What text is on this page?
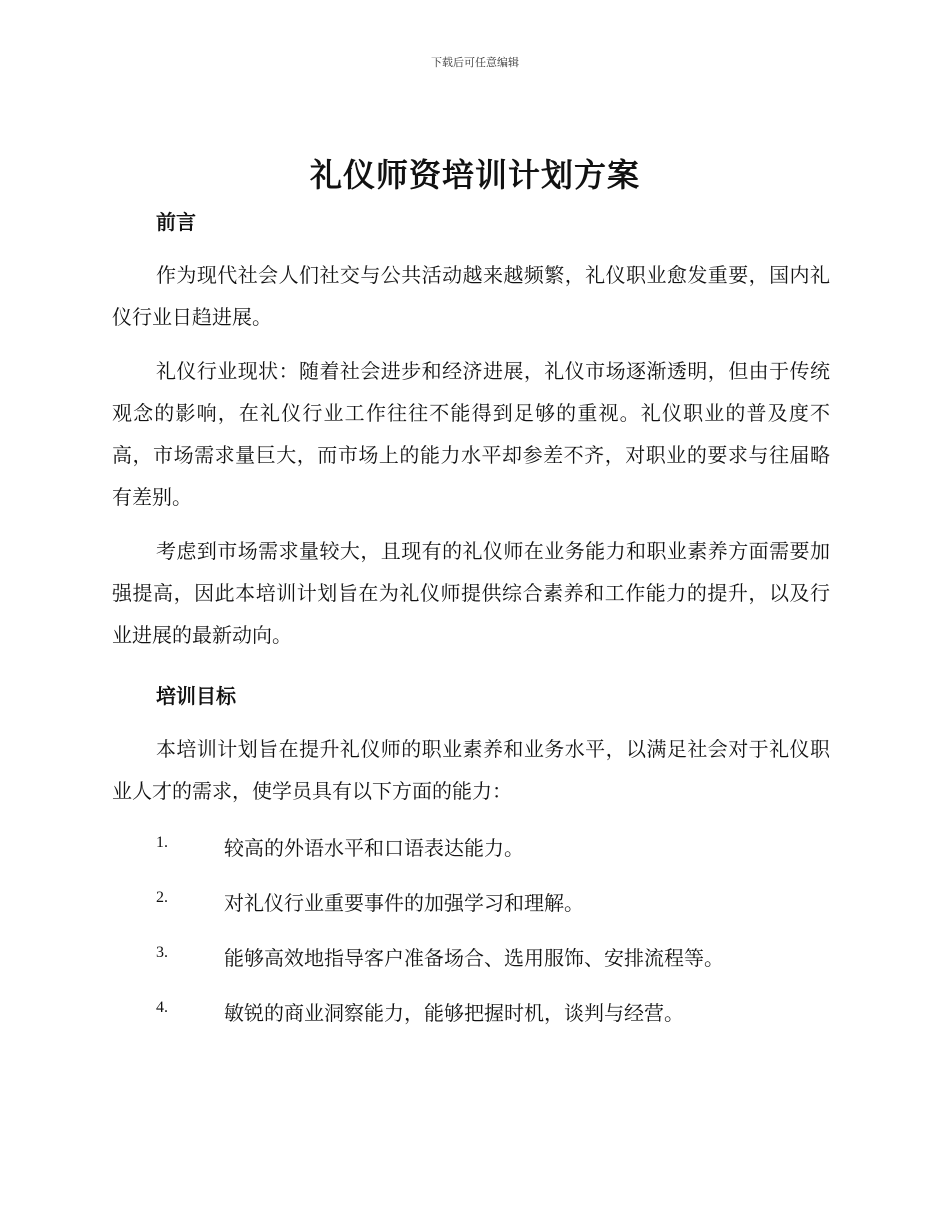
下载后可任意编辑
礼仪师资培训计划方案
前言

作为现代社会人们社交与公共活动越来越频繁，礼仪职业愈发重要，国内礼仪行业日趋进展。

礼仪行业现状：随着社会进步和经济进展，礼仪市场逐渐透明，但由于传统观念的影响，在礼仪行业工作往往不能得到足够的重视。礼仪职业的普及度不高，市场需求量巨大，而市场上的能力水平却参差不齐，对职业的要求与往届略有差别。

考虑到市场需求量较大，且现有的礼仪师在业务能力和职业素养方面需要加强提高，因此本培训计划旨在为礼仪师提供综合素养和工作能力的提升，以及行业进展的最新动向。

培训目标

本培训计划旨在提升礼仪师的职业素养和业务水平，以满足社会对于礼仪职业人才的需求，使学员具有以下方面的能力：

1.	较高的外语水平和口语表达能力。
2.	对礼仪行业重要事件的加强学习和理解。
3.	能够高效地指导客户准备场合、选用服饰、安排流程等。
4.	敏锐的商业洞察能力，能够把握时机，谈判与经营。
